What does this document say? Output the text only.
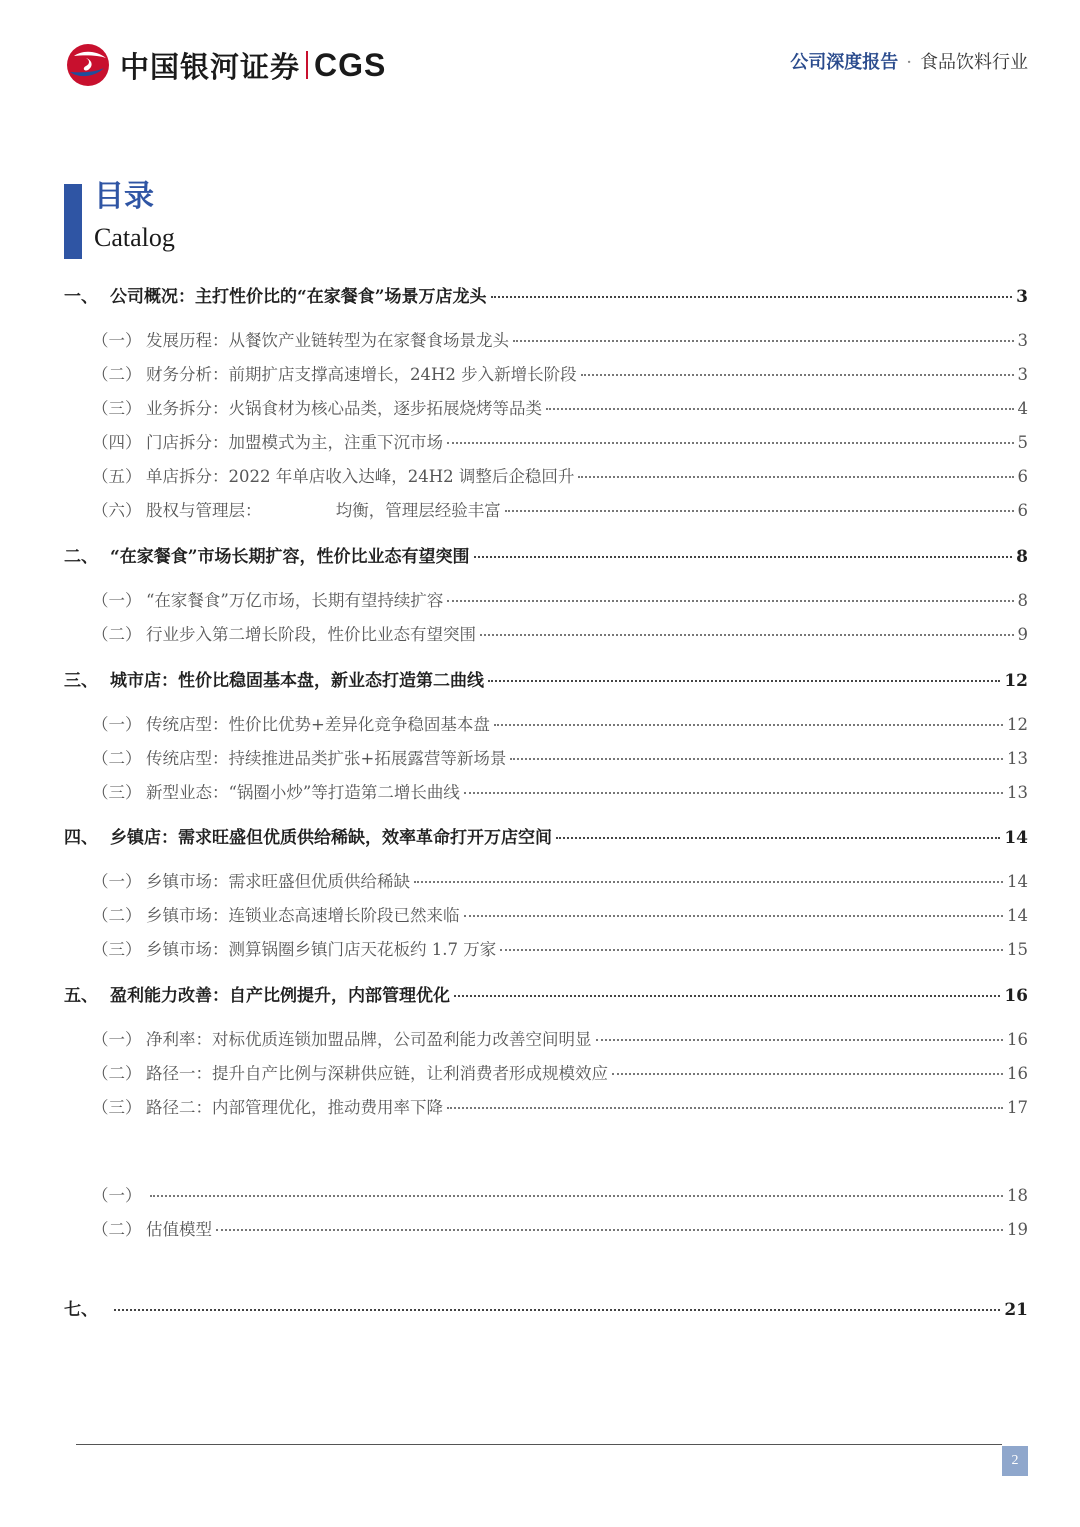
中国银河证券 CGS	公司深度报告 · 食品饮料行业
目录
Catalog
一、 公司概况：主打性价比的“在家餐食”场景万店龙头	3
（一） 发展历程：从餐饮产业链转型为在家餐食场景龙头	3
（二） 财务分析：前期扩店支撑高速增长，24H2 步入新增长阶段	3
（三） 业务拆分：火锅食材为核心品类，逐步拓展烧烤等品类	4
（四） 门店拆分：加盟模式为主，注重下沉市场	5
（五） 单店拆分：2022 年单店收入达峰，24H2 调整后企稳回升	6
（六） 股权与管理层：　　　　　均衡，管理层经验丰富	6
二、 “在家餐食”市场长期扩容，性价比业态有望突围	8
（一） “在家餐食”万亿市场，长期有望持续扩容	8
（二） 行业步入第二增长阶段，性价比业态有望突围	9
三、 城市店：性价比稳固基本盘，新业态打造第二曲线	12
（一） 传统店型：性价比优势+差异化竞争稳固基本盘	12
（二） 传统店型：持续推进品类扩张+拓展露营等新场景	13
（三） 新型业态：“锅圈小炒”等打造第二增长曲线	13
四、 乡镇店：需求旺盛但优质供给稀缺，效率革命打开万店空间	14
（一） 乡镇市场：需求旺盛但优质供给稀缺	14
（二） 乡镇市场：连锁业态高速增长阶段已然来临	14
（三） 乡镇市场：测算锅圈乡镇门店天花板约 1.7 万家	15
五、 盈利能力改善：自产比例提升，内部管理优化	16
（一） 净利率：对标优质连锁加盟品牌，公司盈利能力改善空间明显	16
（二） 路径一：提升自产比例与深耕供应链，让利消费者形成规模效应	16
（三） 路径二：内部管理优化，推动费用率下降	17
（一）	18
（二） 估值模型	19
七、	21
2
